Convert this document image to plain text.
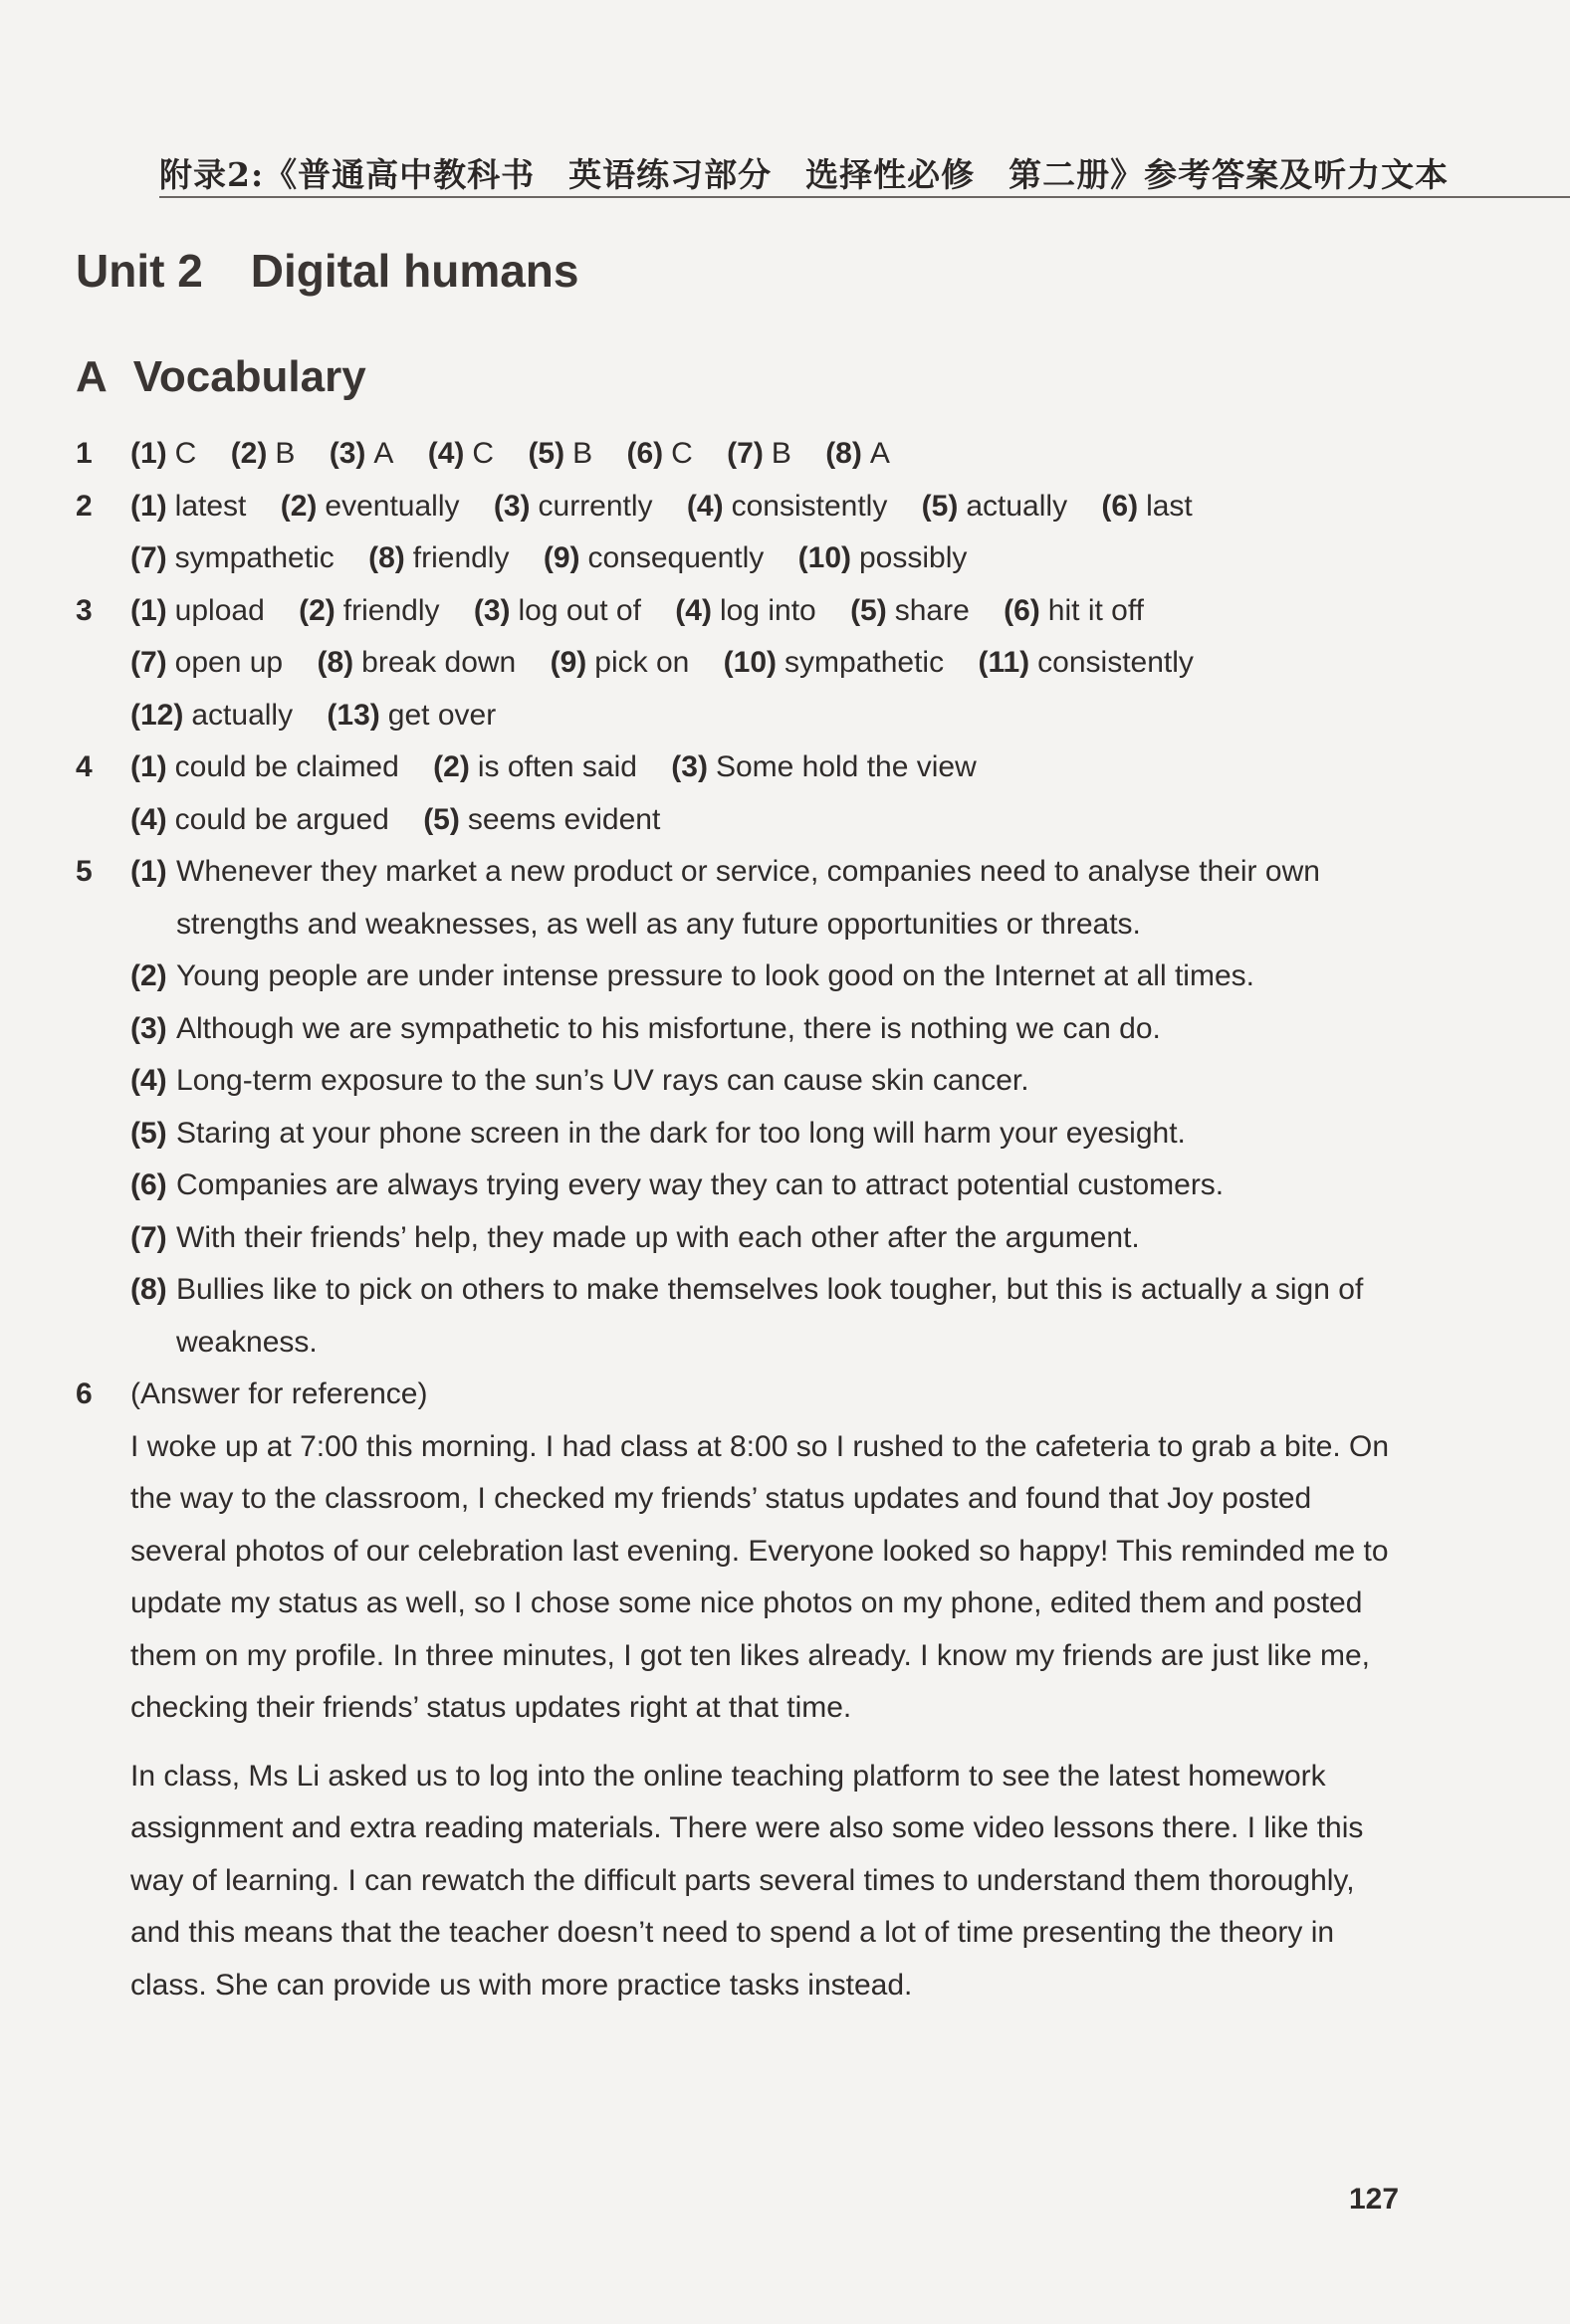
附录2:《普通高中教科书　英语练习部分　选择性必修　第二册》参考答案及听力文本
Unit 2 Digital humans
A Vocabulary
1	(1) C (2) B (3) A (4) C (5) B (6) C (7) B (8) A
2	(1) latest (2) eventually (3) currently (4) consistently (5) actually (6) last
(7) sympathetic (8) friendly (9) consequently (10) possibly
3	(1) upload (2) friendly (3) log out of (4) log into (5) share (6) hit it off
(7) open up (8) break down (9) pick on (10) sympathetic (11) consistently
(12) actually (13) get over
4	(1) could be claimed (2) is often said (3) Some hold the view
(4) could be argued (5) seems evident
5	(1) Whenever they market a new product or service, companies need to analyse their own strengths and weaknesses, as well as any future opportunities or threats.
(2) Young people are under intense pressure to look good on the Internet at all times.
(3) Although we are sympathetic to his misfortune, there is nothing we can do.
(4) Long-term exposure to the sun’s UV rays can cause skin cancer.
(5) Staring at your phone screen in the dark for too long will harm your eyesight.
(6) Companies are always trying every way they can to attract potential customers.
(7) With their friends’ help, they made up with each other after the argument.
(8) Bullies like to pick on others to make themselves look tougher, but this is actually a sign of weakness.
6	(Answer for reference)
I woke up at 7:00 this morning. I had class at 8:00 so I rushed to the cafeteria to grab a bite. On the way to the classroom, I checked my friends’ status updates and found that Joy posted several photos of our celebration last evening. Everyone looked so happy! This reminded me to update my status as well, so I chose some nice photos on my phone, edited them and posted them on my profile. In three minutes, I got ten likes already. I know my friends are just like me, checking their friends’ status updates right at that time.
In class, Ms Li asked us to log into the online teaching platform to see the latest homework assignment and extra reading materials. There were also some video lessons there. I like this way of learning. I can rewatch the difficult parts several times to understand them thoroughly, and this means that the teacher doesn’t need to spend a lot of time presenting the theory in class. She can provide us with more practice tasks instead.
127
